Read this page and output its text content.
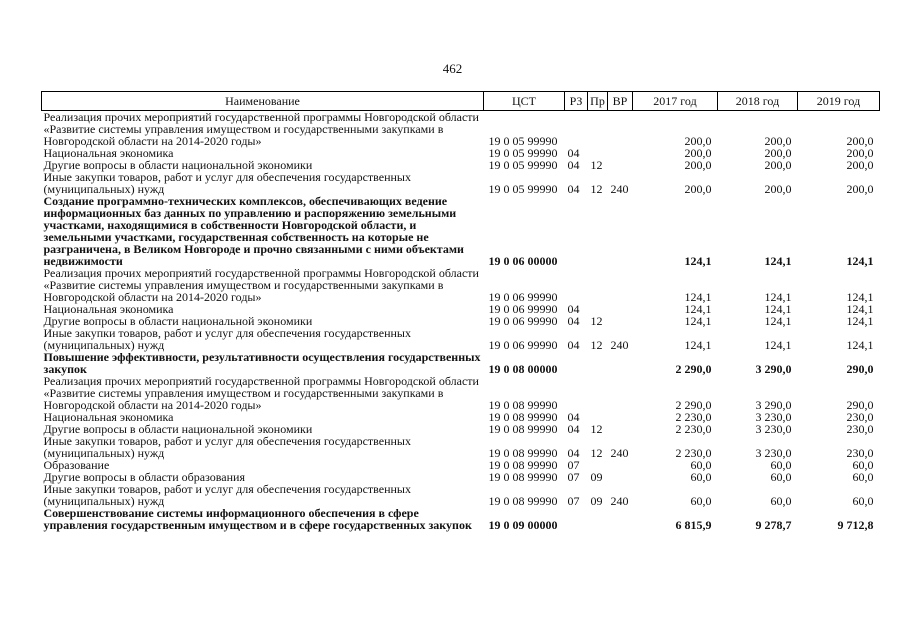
462
Наименование	ЦСТ	РЗ	Пр	ВР	2017 год	2018 год	2019 год
Реализация прочих мероприятий государственной программы Новгородской области «Развитие системы управления имуществом и государственными закупками в Новгородской области на 2014-2020 годы»	19 0 05 99990				200,0	200,0	200,0
Национальная экономика	19 0 05 99990	04			200,0	200,0	200,0
Другие вопросы в области национальной экономики	19 0 05 99990	04	12		200,0	200,0	200,0
Иные закупки товаров, работ и услуг для обеспечения государственных (муниципальных) нужд	19 0 05 99990	04	12	240	200,0	200,0	200,0
Создание программно-технических комплексов, обеспечивающих ведение информационных баз данных по управлению и распоряжению земельными участками, находящимися в собственности Новгородской области, и земельными участками, государственная собственность на которые не разграничена, в Великом Новгороде и прочно связанными с ними объектами недвижимости	19 0 06 00000				124,1	124,1	124,1
Реализация прочих мероприятий государственной программы Новгородской области «Развитие системы управления имуществом и государственными закупками в Новгородской области на 2014-2020 годы»	19 0 06 99990				124,1	124,1	124,1
Национальная экономика	19 0 06 99990	04			124,1	124,1	124,1
Другие вопросы в области национальной экономики	19 0 06 99990	04	12		124,1	124,1	124,1
Иные закупки товаров, работ и услуг для обеспечения государственных (муниципальных) нужд	19 0 06 99990	04	12	240	124,1	124,1	124,1
Повышение эффективности, результативности осуществления государственных закупок	19 0 08 00000				2 290,0	3 290,0	290,0
Реализация прочих мероприятий государственной программы Новгородской области «Развитие системы управления имуществом и государственными закупками в Новгородской области на 2014-2020 годы»	19 0 08 99990				2 290,0	3 290,0	290,0
Национальная экономика	19 0 08 99990	04			2 230,0	3 230,0	230,0
Другие вопросы в области национальной экономики	19 0 08 99990	04	12		2 230,0	3 230,0	230,0
Иные закупки товаров, работ и услуг для обеспечения государственных (муниципальных) нужд	19 0 08 99990	04	12	240	2 230,0	3 230,0	230,0
Образование	19 0 08 99990	07			60,0	60,0	60,0
Другие вопросы в области образования	19 0 08 99990	07	09		60,0	60,0	60,0
Иные закупки товаров, работ и услуг для обеспечения государственных (муниципальных) нужд	19 0 08 99990	07	09	240	60,0	60,0	60,0
Совершенствование системы информационного обеспечения в сфере управления государственным имуществом и в сфере государственных закупок	19 0 09 00000				6 815,9	9 278,7	9 712,8
